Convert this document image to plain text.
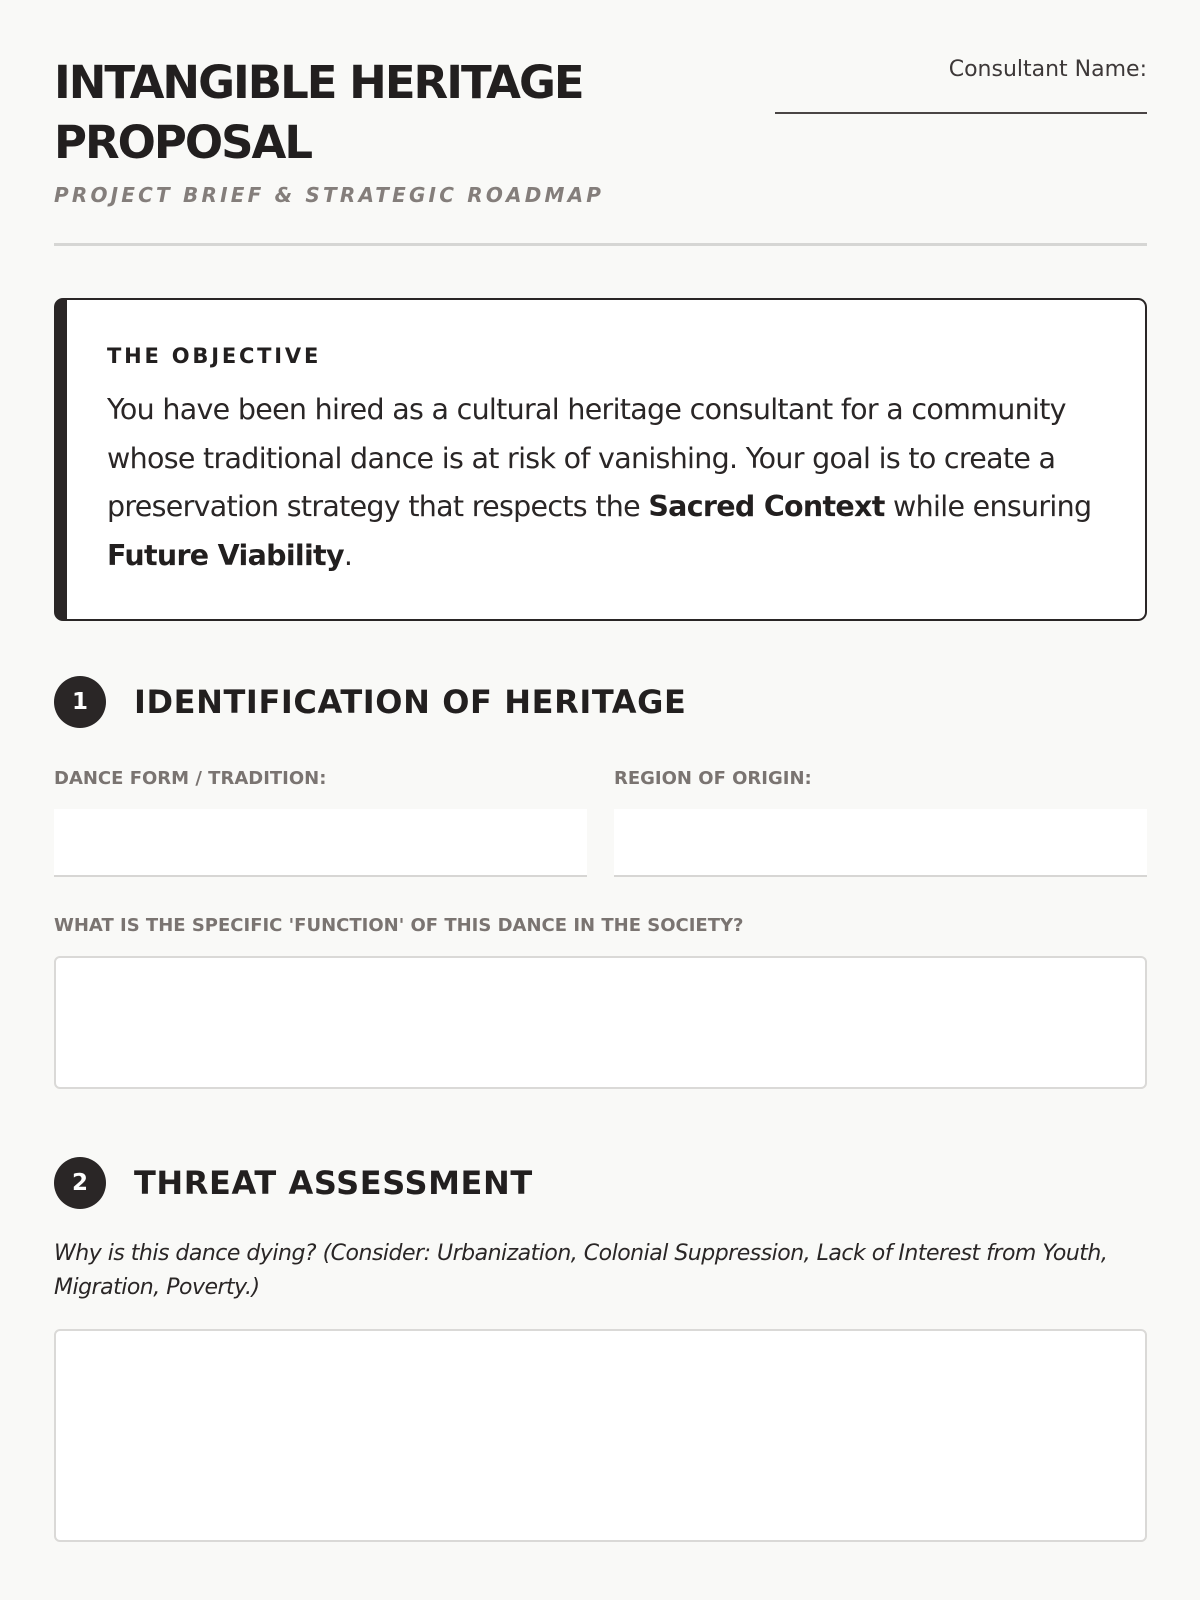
INTANGIBLE HERITAGE
PROPOSAL
PROJECT BRIEF & STRATEGIC ROADMAP
Consultant Name:
THE OBJECTIVE
You have been hired as a cultural heritage consultant for a community whose traditional dance is at risk of vanishing. Your goal is to create a preservation strategy that respects the Sacred Context while ensuring Future Viability.
1	IDENTIFICATION OF HERITAGE
DANCE FORM / TRADITION:	REGION OF ORIGIN:
WHAT IS THE SPECIFIC 'FUNCTION' OF THIS DANCE IN THE SOCIETY?
2	THREAT ASSESSMENT
Why is this dance dying? (Consider: Urbanization, Colonial Suppression, Lack of Interest from Youth, Migration, Poverty.)
